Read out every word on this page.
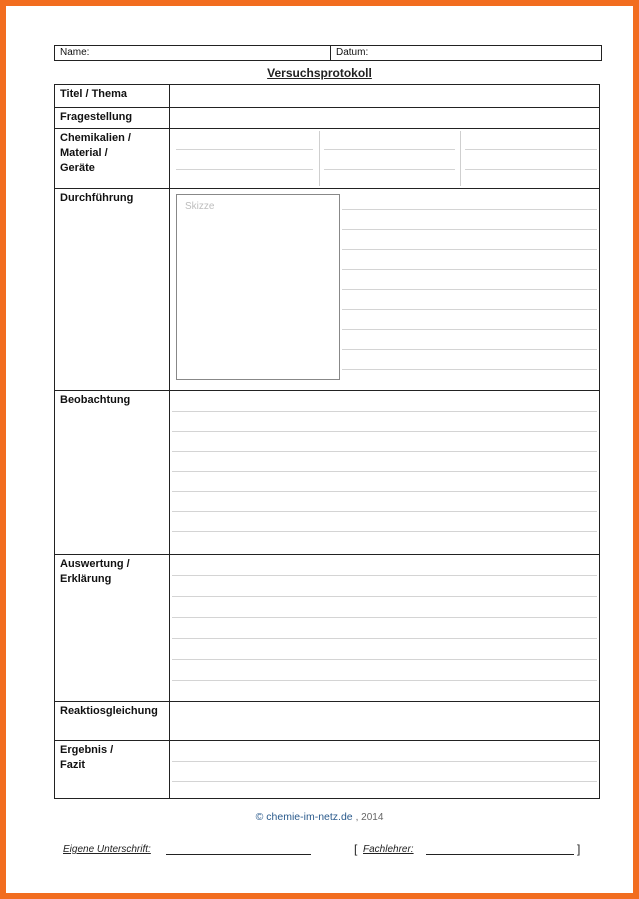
Name:	Datum:
Versuchsprotokoll
Titel / Thema
Fragestellung
Chemikalien /
Material /
Geräte
Durchführung
Skizze
Beobachtung
Auswertung /
Erklärung
Reaktiosgleichung
Ergebnis /
Fazit
© chemie-im-netz.de , 2014
Eigene Unterschrift:	[ Fachlehrer:	]
